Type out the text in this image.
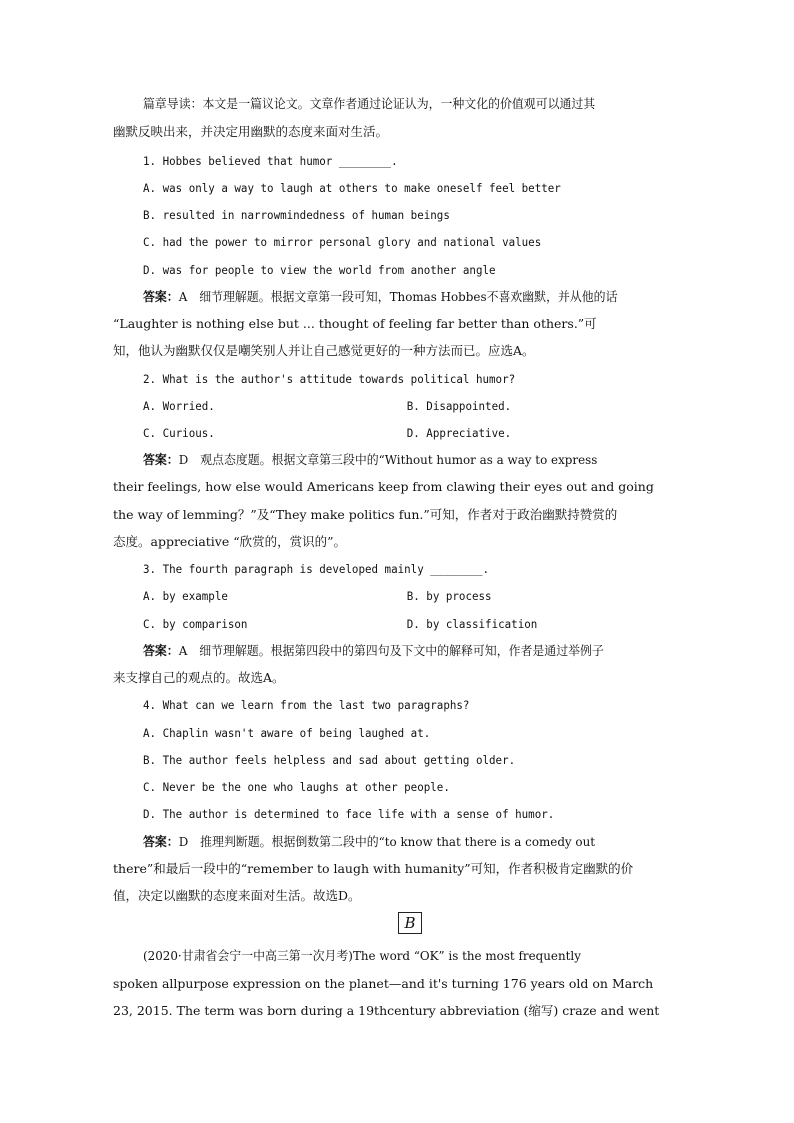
篇章导读：本文是一篇议论文。文章作者通过论证认为，一种文化的价值观可以通过其
幽默反映出来，并决定用幽默的态度来面对生活。
1. Hobbes believed that humor ________.
A. was only a way to laugh at others to make oneself feel better
B. resulted in narrowmindedness of human beings
C. had the power to mirror personal glory and national values
D. was for people to view the world from another angle
答案：A　细节理解题。根据文章第一段可知，Thomas Hobbes不喜欢幽默，并从他的话
“Laughter is nothing else but ... thought of feeling far better than others.”可
知，他认为幽默仅仅是嘲笑别人并让自己感觉更好的一种方法而已。应选A。
2. What is the author's attitude towards political humor?
A. Worried.	B. Disappointed.
C. Curious.	D. Appreciative.
答案：D　观点态度题。根据文章第三段中的“Without humor as a way to express
their feelings, how else would Americans keep from clawing their eyes out and going
the way of lemming？”及“They make politics fun.”可知，作者对于政治幽默持赞赏的
态度。appreciative “欣赏的，赏识的”。
3. The fourth paragraph is developed mainly ________.
A. by example	B. by process
C. by comparison	D. by classification
答案：A　细节理解题。根据第四段中的第四句及下文中的解释可知，作者是通过举例子
来支撑自己的观点的。故选A。
4. What can we learn from the last two paragraphs?
A. Chaplin wasn't aware of being laughed at.
B. The author feels helpless and sad about getting older.
C. Never be the one who laughs at other people.
D. The author is determined to face life with a sense of humor.
答案：D　推理判断题。根据倒数第二段中的“to know that there is a comedy out
there”和最后一段中的“remember to laugh with humanity”可知，作者积极肯定幽默的价
值，决定以幽默的态度来面对生活。故选D。
B
(2020·甘肃省会宁一中高三第一次月考)The word “OK” is the most frequently
spoken allpurpose expression on the planet—and it's turning 176 years old on March
23, 2015. The term was born during a 19thcentury abbreviation (缩写) craze and went
